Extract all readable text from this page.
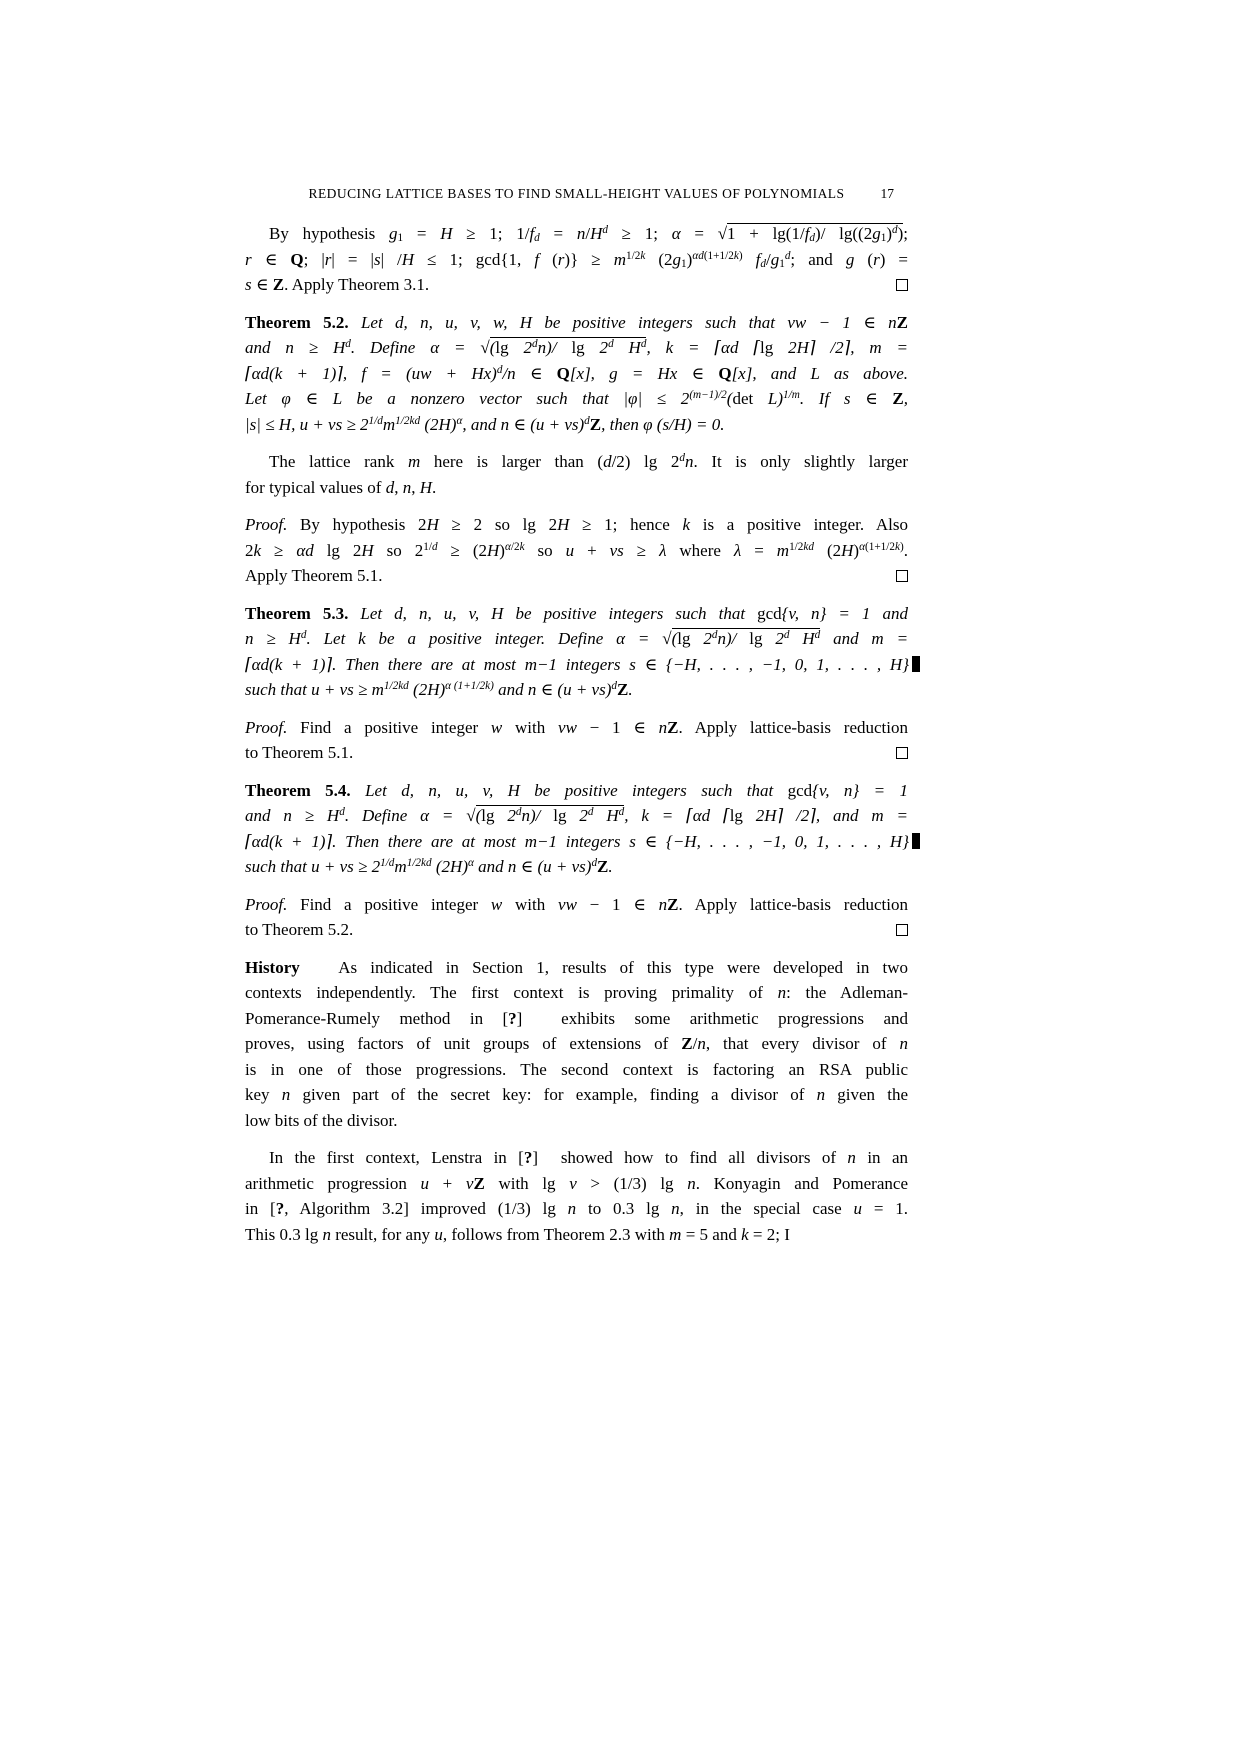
REDUCING LATTICE BASES TO FIND SMALL-HEIGHT VALUES OF POLYNOMIALS	17
By hypothesis $g_1 = H \ge 1$; $1/f_d = n/H^d \ge 1$; $\alpha = √1 + \lg(1/f_d)/$ $\lg((2g_1)^d)$;
r ∈ Q; |r| = |s| /H ≤ 1; gcd{1, f $(r)\} \ge m^{1/2k}$ $(2g_1)^{\alpha d(1+1/2k)}$ $f_d/g_1^d$; and g (r) =
s ∈ Z. Apply Theorem 3.1.
Theorem 5.2. Let d, n, u, v, w, H be positive integers such that vw − 1 ∈ nZ
and $n \ge H^d$. Define α = √(lg 2$^d$n)/ lg 2$^d$ $H^d$, k = ⌈αd ⌈lg 2H⌉ /2⌉, m =
⌈αd(k + 1)⌉, f = (uw + Hx)$^d$/n ∈ Q[x], g = Hx ∈ Q[x], and L as above.
Let φ ∈ L be a nonzero vector such that $|\varphi| \le 2^{(m-1)/2}(\det$ L)$^{1/m}$. If s ∈ Z,
|s| ≤ H, u + vs ≥ $2^{1/d}m^{1/2kd}$ $(2H)^\alpha$, and n ∈ (u + vs)$^d$Z, then φ (s/H) = 0.
The lattice rank m here is larger than (d/2) lg 2$^d$n. It is only slightly larger
for typical values of d, n, H.
Proof. By hypothesis 2H ≥ 2 so lg 2H ≥ 1; hence k is a positive integer. Also
2k ≥ αd lg 2H so $2^{1/d} \ge (2H)^{\alpha/2k}$ so u + vs ≥ λ where $\lambda = m^{1/2kd}$ $(2H)^{\alpha(1+1/2k)}$.
Apply Theorem 5.1.
Theorem 5.3. Let d, n, u, v, H be positive integers such that gcd{v, n} = 1 and
$n \ge H^d$. Let k be a positive integer. Define α = √(lg 2$^d$n)/ lg 2$^d$ $H^d$ and m =
⌈αd(k + 1)⌉. Then there are at most m−1 integers s ∈ {−H, . . . , −1, 0, 1, . . . , H}
such that u + vs ≥ $m^{1/2kd}$ $(2H)^{\alpha (1+1/2k)}$ and n ∈ (u + vs)$^d$Z.
Proof. Find a positive integer w with vw − 1 ∈ nZ. Apply lattice-basis reduction
to Theorem 5.1.
Theorem 5.4. Let d, n, u, v, H be positive integers such that gcd{v, n} = 1
and $n \ge H^d$. Define α = √(lg 2$^d$n)/ lg 2$^d$ $H^d$, k = ⌈αd ⌈lg 2H⌉ /2⌉, and m =
⌈αd(k + 1)⌉. Then there are at most m−1 integers s ∈ {−H, . . . , −1, 0, 1, . . . , H}
such that u + vs ≥ $2^{1/d}m^{1/2kd}$ $(2H)^\alpha$ and n ∈ (u + vs)$^d$Z.
Proof. Find a positive integer w with vw − 1 ∈ nZ. Apply lattice-basis reduction
to Theorem 5.2.
History   As indicated in Section 1, results of this type were developed in two
contexts independently. The first context is proving primality of n: the Adleman-
Pomerance-Rumely method in [?]  exhibits some arithmetic progressions and
proves, using factors of unit groups of extensions of Z/n, that every divisor of n
is in one of those progressions. The second context is factoring an RSA public
key n given part of the secret key: for example, finding a divisor of n given the
low bits of the divisor.
In the first context, Lenstra in [?]  showed how to find all divisors of n in an
arithmetic progression u + vZ with lg v > (1/3) lg n. Konyagin and Pomerance
in [?, Algorithm 3.2] improved (1/3) lg n to 0.3 lg n, in the special case u = 1.
This 0.3 lg n result, for any u, follows from Theorem 2.3 with m = 5 and k = 2; I
